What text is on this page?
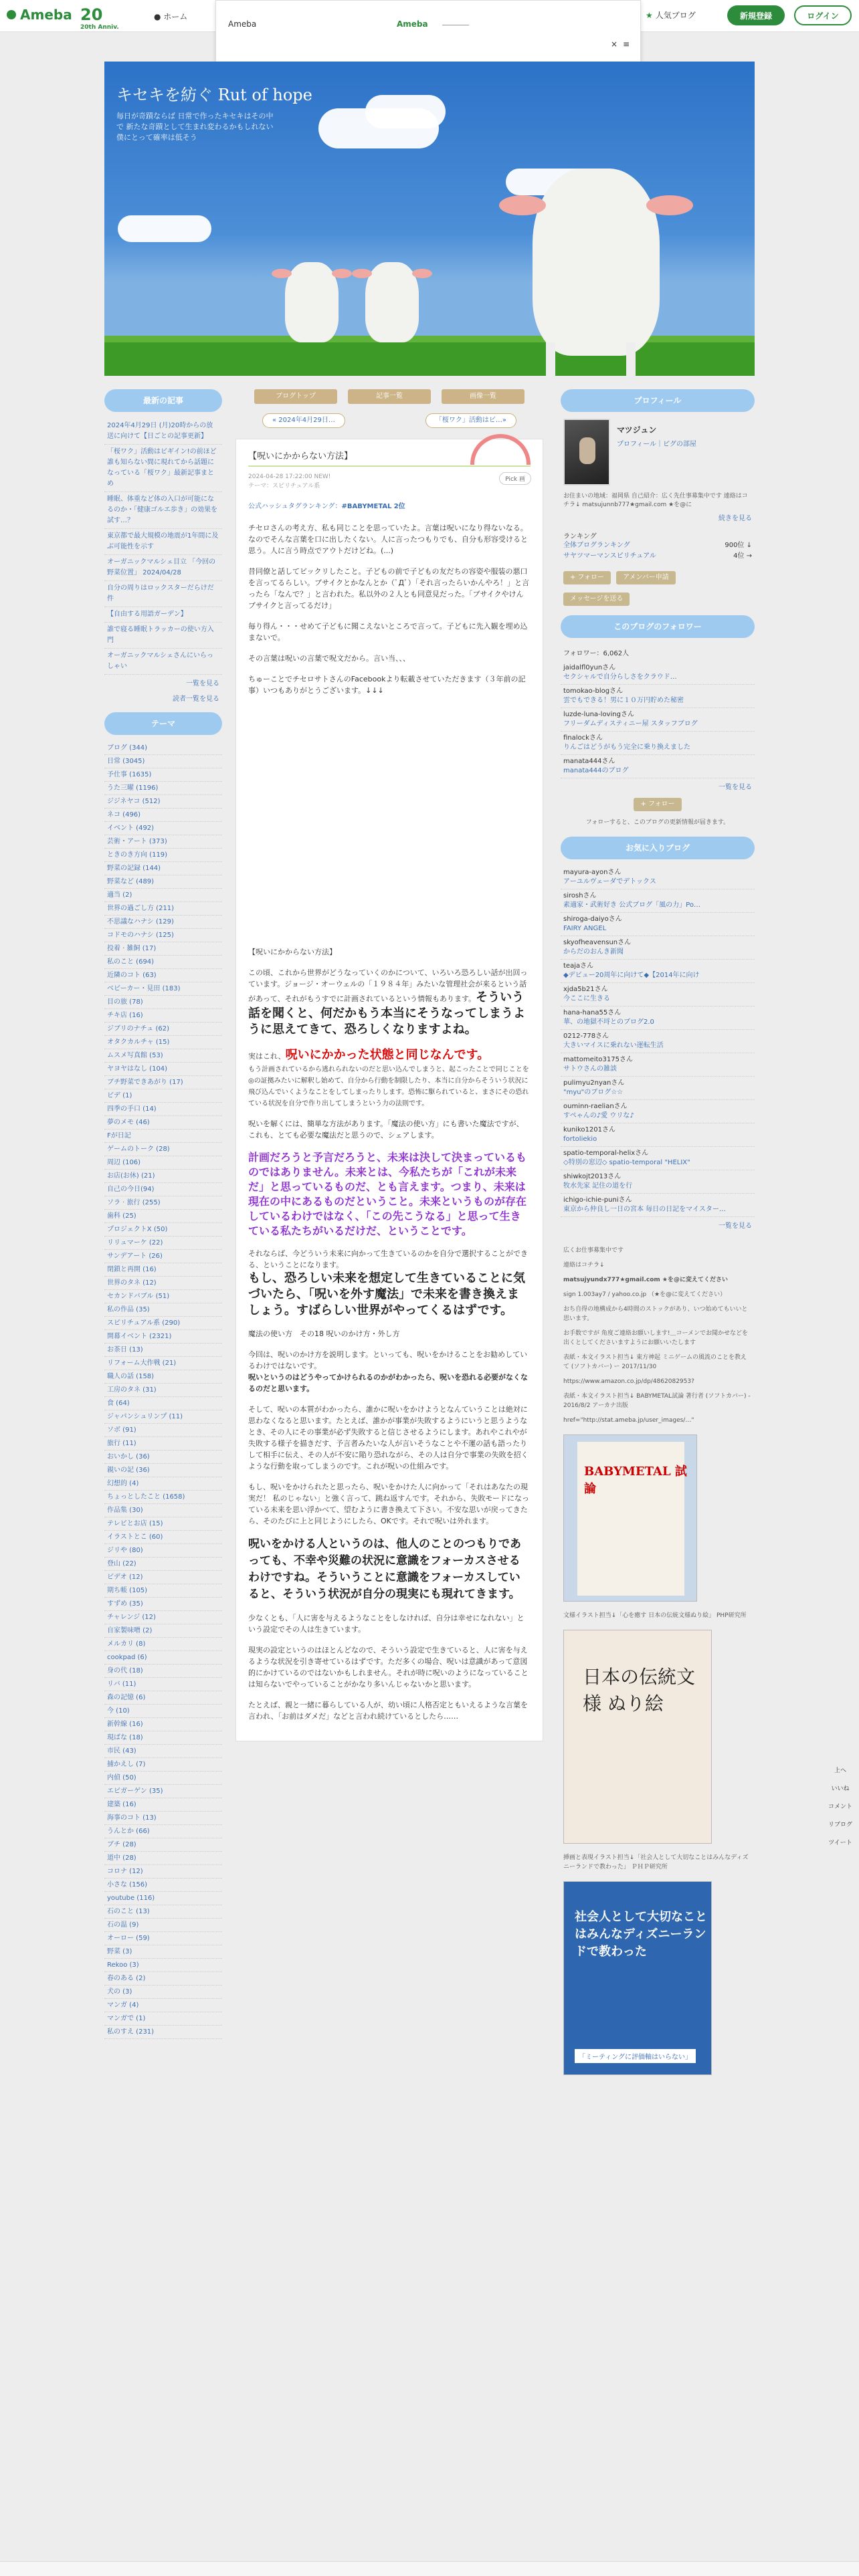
Ameba 20
20th Anniv.
● ホーム	★ 人気ブログ	新規登録	ログイン
Ameba	Ameba
× ≡
キセキを紡ぐ Rut of hope
毎日が奇蹟ならば 日常で作ったキセキはその中で 新たな奇蹟として生まれ変わるかもしれない 僕にとって確率は低そう
最新の記事
2024年4月29日 (月)20時からの放送に向けて【日ごとの記事更新】
「桜ワク」活動はビギイン!の前ほど誰も知らない間に現れてから話題になっている「桜ワク」最新記事まとめ
睡眠、体重など体の入口が可能になるのか・「健康ゴルエ歩き」の効果を試す…？
東京都で最大規模の地震が1年間に及ぶ可能性を示す
オーガニックマルシェ目立 「今回の野菜位置」 2024/04/28
自分の周りはロックスターだらけだ件
【自由する用語ガーデン】
誰で寝る睡眠トラッカーの使い方入門
オーガニックマルシェさんにいらっしゃい
一覧を見る
読者一覧を見る
テーマ
ブログ (344)
日常 (3045)
予仕事 (1635)
うた三曜 (1196)
ジジネヤコ (512)
ネコ (496)
イベント (492)
芸術・アート (373)
ときのき方向 (119)
野菜の記録 (144)
野菜など (489)
適当 (2)
世界の過ごし方 (211)
不思議なハナシ (129)
コドモのハナシ (125)
投着 · 雑飼 (17)
私のこと (694)
近隣のコト (63)
ベビーカー・見田 (183)
目の旅 (78)
チキ店 (16)
ジブリのナチュ (62)
オタクカルチャ (15)
ムスメ写真館 (53)
ヤヨヤはなし (104)
ブチ野菜できあがり (17)
ビデ (1)
四季の手口 (14)
夢のメモ (46)
Fが日記
ゲームのトーク (28)
周辺 (106)
お店(お休) (21)
自己の今日(94)
ソラ · 旅行 (255)
歯科 (25)
プロジェクトX (50)
リリュマーケ (22)
サンデアート (26)
閉鎖と再開 (16)
世界のタネ (12)
セカンドバブル (51)
私の作品 (35)
スピリチュアル系 (290)
開幕イベント (2321)
お茶日 (13)
リフォーム大作戦 (21)
職人の話 (158)
工房のタネ (31)
食 (64)
ジャパンシュリンプ (11)
ソボ (91)
旅行 (11)
おいかし (36)
親いの記 (36)
幻想的 (4)
ちょっとしたこと (1658)
作品集 (30)
テレビとお店 (15)
イラストとこ (60)
ジリや (80)
登山 (22)
ビデオ (12)
期ち帳 (105)
すずめ (35)
チャレンジ (12)
自家製味噌 (2)
メルカリ (8)
cookpad (6)
身の代 (18)
リバ (11)
森の記憶 (6)
今 (10)
新幹線 (16)
現ばな (18)
市民 (43)
捕かえし (7)
内偵 (50)
エビガーゲン (35)
建築 (16)
海事のコト (13)
うんとか (66)
ブチ (28)
道中 (28)
コロナ (12)
小さな (156)
youtube (116)
石のこと (13)
石の温 (9)
オーロー (59)
野菜 (3)
Rekoo (3)
春のある (2)
犬の (3)
マンガ (4)
マンガで (1)
私のすえ (231)
ブログトップ	記事一覧	画像一覧
« 2024年4月29日…	「桜ワク」活動はビ…»
【呪いにかからない方法】
Pick 画
2024-04-28 17:22:00 NEW!
テーマ：スピリチュアル系
公式ハッシュタグランキング：#BABYMETAL 2位

チセロさんの考え方、私も同じことを思っていたよ。言葉は呪いになり得ないなる。なのでそんな言葉を口に出したくない。人に言ったつもりでも、自分も形容受けると思う。人に言う時点でアウトだけどね。(...)

昔同僚と話してビックリしたこと。子どもの前で子どもの友だちの容姿や服装の悪口を言ってるらしい。ブサイクとかなんとか（ﾟДﾟ）「それ言ったらいかんやろ！」と言ったら「なんで？」と言われた。私以外の２人とも同意見だった。「ブサイクやけんブサイクと言ってるだけ」

毎り得ん・・・せめて子どもに聞こえないところで言って。子どもに先入観を埋め込まないで。

その言葉は呪いの言葉で呪文だから。言い当、、、

ちゅーことでチセロサトさんのFacebookより転載させていただきます（３年前の記事）いつもありがとうございます。↓↓↓

【呪いにかからない方法】

この頃、これから世界がどうなっていくのかについて、いろいろ恐ろしい話が出回っています。ジョージ・オーウェルの「１９８４年」みたいな管理社会が来るという話があって、それがもうすでに計画されているという情報もあります。そういう話を聞くと、何だかもう本当にそうなってしまうように思えてきて、恐ろしくなりますよね。

実はこれ、呪いにかかった状態と同じなんです。
もう計画されているから逃れられないのだと思い込んでしまうと、起こったことで同じことを◎の証拠みたいに解釈し始めて、自分から行動を制限したり、本当に自分からそういう状況に飛び込んでいくようなことをしてしまったりします。恐怖に駆られていると、まさにその恐れている状況を自分で作り出してしまうという力の法則です。

呪いを解くには、簡単な方法があります。「魔法の使い方」にも書いた魔法ですが、これも、とても必要な魔法だと思うので、シェアします。

計画だろうと予言だろうと、未来は決して決まっているものではありません。未来とは、今私たちが「これが未来だ」と思っているものだ、とも言えます。つまり、未来は現在の中にあるものだということ。未来というものが存在しているわけではなく、「この先こうなる」と思って生きている私たちがいるだけだ、ということです。

それならば、今どういう未来に向かって生きているのかを自分で選択することができる、ということになります。
もし、恐ろしい未来を想定して生きていることに気づいたら、「呪いを外す魔法」で未来を書き換えましょう。すばらしい世界がやってくるはずです。

魔法の使い方　その18 呪いのかけ方・外し方

今回は、呪いのかけ方を説明します。といっても、呪いをかけることをお勧めしているわけではないです。
呪いというのはどうやってかけられるのかがわかったら、呪いを恐れる必要がなくなるのだと思います。

そして、呪いの本質がわかったら、誰かに呪いをかけようとなんていうことは絶対に思わなくなると思います。たとえば、誰かが事業が失敗するようにいうと思うようなとき、その人にその事業が必ず失敗すると信じさせるようにします。あれやこれやが失敗する様子を描きだす、予言者みたいな人が言いそうなことや不運の話も語ったりして相手に伝え、その人が不安に陥り恐れながら、その人は自分で事業の失敗を招くような行動を取ってしまうのです。これが呪いの仕組みです。

もし、呪いをかけられたと思ったら、呪いをかけた人に向かって「それはあなたの現実だ！ 私のじゃない」と強く言って、跳ね返すんです。それから、失敗モードになっている未来を思い浮かべて、望むように書き換えて下さい。不安な思いが戻ってきたら、そのたびに上と同じようにしたら、OKです。それで呪いは外れます。

呪いをかける人というのは、他人のことのつもりであっても、不幸や災難の状況に意識をフォーカスさせるわけですね。そういうことに意識をフォーカスしていると、そういう状況が自分の現実にも現れてきます。

少なくとも、「人に害を与えるようなことをしなければ、自分は幸せになれない」という設定でその人は生きています。

現実の設定というのはほとんどなので、そういう設定で生きていると、人に害を与えるような状況を引き寄せているはずです。ただ多くの場合、呪いは意識があって意図的にかけているのではないかもしれません。それが時に呪いのようになっていることは知らないでやっていることがかなり多いんじゃないかと思います。

たとえば、親と一緒に暮らしている人が、幼い頃に人格否定ともいえるような言葉を言われ、「お前はダメだ」などと言われ続けているとしたら……

プロフィール
マツジュン
プロフィール｜ピグの部屋
お住まいの地域：福岡県 自己紹介：広く先仕事募集中です 連絡はコチラ↓ matsujunnb777★gmail.com ★を@に
続きを見る
ランキング
全体ブログランキング	900位 ↓
サヤツマーマンスピリチュアル	4位 →
+ フォロー	アメンバー申請
メッセージを送る
このブログのフォロワー
フォロワー：6,062人
jaidalfl0yunさん
セクシャルで自分らしさをクラウド…
tomokao-blogさん
雲でもできる！男に１０万円貯めた秘密
luzde-luna-lovingさん
フリーダムディスティニー屋 スタッフブログ
finalockさん
りんごはどうがもう完全に乗り換えました
manata444さん
manata444のブログ
一覧を見る
+ フォロー
フォローすると、このブログの更新情報が届きます。
お気に入りブログ
mayura-ayonさん
アーユルヴェーダでデトックス
siroshさん
素適家・武術好き 公式ブログ「風の力」Po…
shiroga-daiyoさん
FAIRY ANGEL
skyofheavensunさん
からだのおんき新聞
teajaさん
◆デビュー20周年に向けて◆【2014年に向け
xjda5b21さん
今ここに生きる
hana-hana55さん
華、の地獄不埒とのブログ2.0
0212-778さん
大きいマイスに乗れない運転生活
mattomeito3175さん
サトウさんの雑談
pulimyu2nyanさん
"myu"のブログ☆☆
ouminn-raelianさん
すぺゃんの♪愛 ウリな♪
kuniko1201さん
fortoliekio
spatio-temporal-helixさん
◇特別の窓辺◇ spatio-temporal "HELIX"
shiwkojt2013さん
牧水先家 記住の道を行
ichigo-ichie-puniさん
東京から仲良し一日の宮本 毎日の日記をマイスター…
一覧を見る
広くお仕事募集中です
連絡はコチラ↓
matsujyundx777★gmail.com ★を@に変えてください
sign 1.003ay7 / yahoo.co.jp （★を@に変えてください）
おち自得の地構成から4時間のストックがあり、いつ始めてもいいと思います。
お手数ですが 角度ご連絡お願いします!＿コーメンでお聞かせなどを出くとしてくださいますようにお願いいたします
表紙・本文イラスト担当↓ 東方神起 ミニゲームの風流のことを教えて (ソフトカバー) ー 2017/11/30
https://www.amazon.co.jp/dp/4862082953?
表紙・本文イラスト担当↓ BABYMETAL試論 著行者 (ソフトカバー) - 2016/8/2 アーカナ出版
href="http://stat.ameba.jp/user_images/…"
BABYMETAL 試論
文様イラスト担当↓「心を癒す 日本の伝統文様ぬり絵」 PHP研究所
日本の伝統文様 ぬり絵
挿画と表現イラスト担当↓「社会人として大切なことはみんなディズニーランドで教わった」 ＰＨＰ研究所
社会人として大切なことはみんなディズニーランドで教わった
「ミーティングに評価軸はいらない」
上へ
いいね
コメント
リブログ
ツイート
